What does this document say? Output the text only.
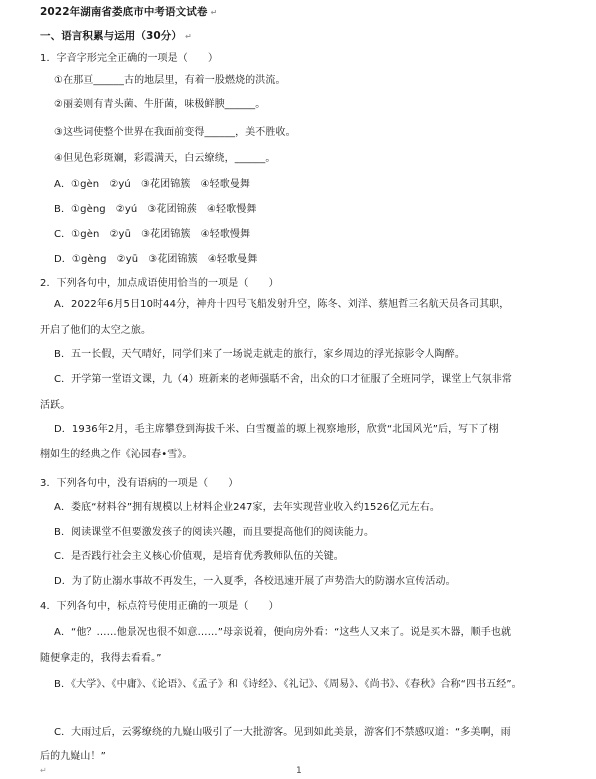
2022年湖南省娄底市中考语文试卷 ↵
一、语言积累与运用（30分） ↵
1．字音字形完全正确的一项是（　　）
①在那亘______古的地层里，有着一股燃烧的洪流。
②丽姜则有青头菌、牛肝菌，味极鲜腴______。
③这些词使整个世界在我面前变得______，美不胜收。
④但见色彩斑斓，彩霞满天，白云缭绕，______。
A．①gèn　②yú　③花团锦簇　④轻歌曼舞
B．①gèng　②yú　③花团锦蔟　④轻歌慢舞
C．①gèn　②yū　③花团锦簇　④轻歌慢舞
D．①gèng　②yū　③花团锦簇　④轻歌曼舞
2．下列各句中，加点成语使用恰当的一项是（　　）
A．2022年6月5日10时44分，神舟十四号飞船发射升空，陈冬、刘洋、蔡旭哲三名航天员各司其职，
开启了他们的太空之旅。
B．五一长假，天气晴好，同学们来了一场说走就走的旅行，家乡周边的浮光掠影令人陶醉。
C．开学第一堂语文课，九（4）班新来的老师强聒不舍，出众的口才征服了全班同学，课堂上气氛非常
活跃。
D．1936年2月，毛主席攀登到海拔千米、白雪覆盖的塬上视察地形，欣赏“北国风光”后，写下了栩
栩如生的经典之作《沁园春•雪》。
3．下列各句中，没有语病的一项是（　　）
A．娄底“材料谷”拥有规模以上材料企业247家，去年实现营业收入约1526亿元左右。
B．阅读课堂不但要激发孩子的阅读兴趣，而且要提高他们的阅读能力。
C．是否践行社会主义核心价值观，是培育优秀教师队伍的关键。
D．为了防止溺水事故不再发生，一入夏季，各校迅速开展了声势浩大的防溺水宣传活动。
4．下列各句中，标点符号使用正确的一项是（　　）
A．“他？……他景况也很不如意……”母亲说着，便向房外看：“这些人又来了。说是买木器，顺手也就
随便拿走的，我得去看看。”
B．《大学》、《中庸》、《论语》、《孟子》和《诗经》、《礼记》、《周易》、《尚书》、《春秋》合称“四书五经”。
C．大雨过后，云雾缭绕的九嶷山吸引了一大批游客。见到如此美景，游客们不禁感叹道：“多美啊，雨
后的九嶷山！”
↵	1
